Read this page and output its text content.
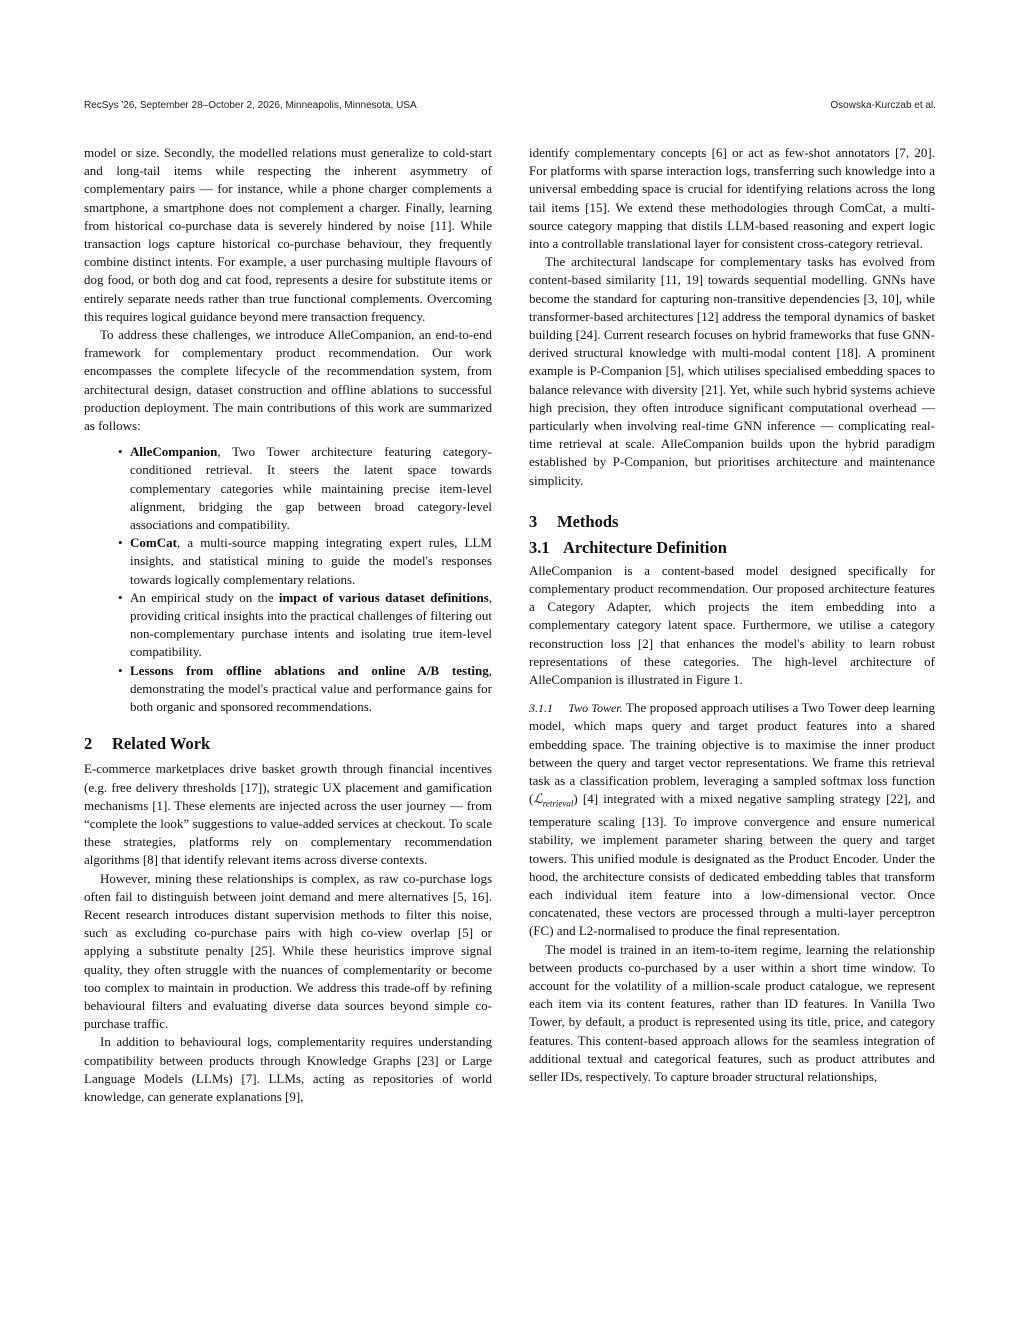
RecSys '26, September 28–October 2, 2026, Minneapolis, Minnesota, USA	Osowska-Kurczab et al.

model or size. Secondly, the modelled relations must generalize to cold-start and long-tail items while respecting the inherent asymmetry of complementary pairs — for instance, while a phone charger complements a smartphone, a smartphone does not complement a charger. Finally, learning from historical co-purchase data is severely hindered by noise [11]. While transaction logs capture historical co-purchase behaviour, they frequently combine distinct intents. For example, a user purchasing multiple flavours of dog food, or both dog and cat food, represents a desire for substitute items or entirely separate needs rather than true functional complements. Overcoming this requires logical guidance beyond mere transaction frequency.

To address these challenges, we introduce AlleCompanion, an end-to-end framework for complementary product recommendation. Our work encompasses the complete lifecycle of the recommendation system, from architectural design, dataset construction and offline ablations to successful production deployment. The main contributions of this work are summarized as follows:

• AlleCompanion, Two Tower architecture featuring category-conditioned retrieval. It steers the latent space towards complementary categories while maintaining precise item-level alignment, bridging the gap between broad category-level associations and compatibility.
• ComCat, a multi-source mapping integrating expert rules, LLM insights, and statistical mining to guide the model's responses towards logically complementary relations.
• An empirical study on the impact of various dataset definitions, providing critical insights into the practical challenges of filtering out non-complementary purchase intents and isolating true item-level compatibility.
• Lessons from offline ablations and online A/B testing, demonstrating the model's practical value and performance gains for both organic and sponsored recommendations.
2 Related Work

E-commerce marketplaces drive basket growth through financial incentives (e.g. free delivery thresholds [17]), strategic UX placement and gamification mechanisms [1]. These elements are injected across the user journey — from “complete the look” suggestions to value-added services at checkout. To scale these strategies, platforms rely on complementary recommendation algorithms [8] that identify relevant items across diverse contexts.

However, mining these relationships is complex, as raw co-purchase logs often fail to distinguish between joint demand and mere alternatives [5, 16]. Recent research introduces distant supervision methods to filter this noise, such as excluding co-purchase pairs with high co-view overlap [5] or applying a substitute penalty [25]. While these heuristics improve signal quality, they often struggle with the nuances of complementarity or become too complex to maintain in production. We address this trade-off by refining behavioural filters and evaluating diverse data sources beyond simple co-purchase traffic.

In addition to behavioural logs, complementarity requires understanding compatibility between products through Knowledge Graphs [23] or Large Language Models (LLMs) [7]. LLMs, acting as repositories of world knowledge, can generate explanations [9],

identify complementary concepts [6] or act as few-shot annotators [7, 20]. For platforms with sparse interaction logs, transferring such knowledge into a universal embedding space is crucial for identifying relations across the long tail items [15]. We extend these methodologies through ComCat, a multi-source category mapping that distils LLM-based reasoning and expert logic into a controllable translational layer for consistent cross-category retrieval.

The architectural landscape for complementary tasks has evolved from content-based similarity [11, 19] towards sequential modelling. GNNs have become the standard for capturing non-transitive dependencies [3, 10], while transformer-based architectures [12] address the temporal dynamics of basket building [24]. Current research focuses on hybrid frameworks that fuse GNN-derived structural knowledge with multi-modal content [18]. A prominent example is P-Companion [5], which utilises specialised embedding spaces to balance relevance with diversity [21]. Yet, while such hybrid systems achieve high precision, they often introduce significant computational overhead — particularly when involving real-time GNN inference — complicating real-time retrieval at scale. AlleCompanion builds upon the hybrid paradigm established by P-Companion, but prioritises architecture and maintenance simplicity.

3 Methods
3.1 Architecture Definition

AlleCompanion is a content-based model designed specifically for complementary product recommendation. Our proposed architecture features a Category Adapter, which projects the item embedding into a complementary category latent space. Furthermore, we utilise a category reconstruction loss [2] that enhances the model's ability to learn robust representations of these categories. The high-level architecture of AlleCompanion is illustrated in Figure 1.

3.1.1  Two Tower. The proposed approach utilises a Two Tower deep learning model, which maps query and target product features into a shared embedding space. The training objective is to maximise the inner product between the query and target vector representations. We frame this retrieval task as a classification problem, leveraging a sampled softmax loss function (ℒ$_{retrieval}$) [4] integrated with a mixed negative sampling strategy [22], and temperature scaling [13]. To improve convergence and ensure numerical stability, we implement parameter sharing between the query and target towers. This unified module is designated as the Product Encoder. Under the hood, the architecture consists of dedicated embedding tables that transform each individual item feature into a low-dimensional vector. Once concatenated, these vectors are processed through a multi-layer perceptron (FC) and L2-normalised to produce the final representation.

The model is trained in an item-to-item regime, learning the relationship between products co-purchased by a user within a short time window. To account for the volatility of a million-scale product catalogue, we represent each item via its content features, rather than ID features. In Vanilla Two Tower, by default, a product is represented using its title, price, and category features. This content-based approach allows for the seamless integration of additional textual and categorical features, such as product attributes and seller IDs, respectively. To capture broader structural relationships,
